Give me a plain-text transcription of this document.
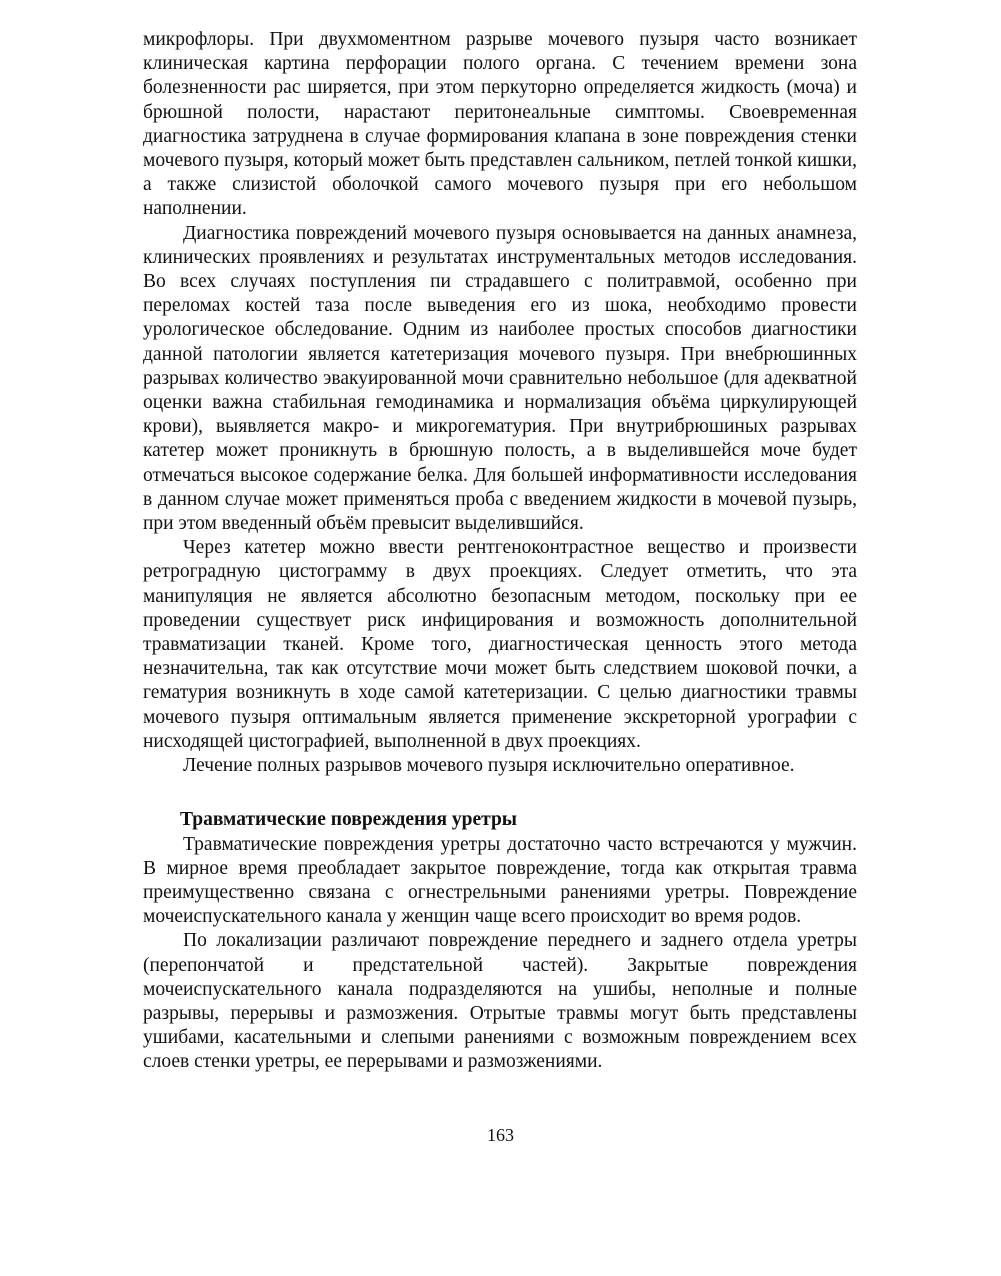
микрофлоры. При двухмоментном разрыве мочевого пузыря часто возникает клиническая картина перфорации полого органа. С течением времени зона болезненности рас ширяется, при этом перкуторно определяется жидкость (моча) и брюшной полости, нарастают перитонеальные симптомы. Своевременная диагностика затруднена в случае формирования клапана в зоне повреждения стенки мочевого пузыря, который может быть представлен сальником, петлей тонкой кишки, а также слизистой оболочкой самого мочевого пузыря при его небольшом наполнении.

Диагностика повреждений мочевого пузыря основывается на данных анамнеза, клинических проявлениях и результатах инструментальных методов исследования. Во всех случаях поступления пи страдавшего с политравмой, особенно при переломах костей таза после выведения его из шока, необходимо провести урологическое обследование. Одним из наиболее простых способов диагностики данной патологии является катетеризация мочевого пузыря. При внебрюшинных разрывах количество эвакуированной мочи сравнительно небольшое (для адекватной оценки важна стабильная гемодинамика и нормализация объёма циркулирующей крови), выявляется макро- и микрогематурия. При внутрибрюшиных разрывах катетер может проникнуть в брюшную полость, а в выделившейся моче будет отмечаться высокое содержание белка. Для большей информативности исследования в данном случае может применяться проба с введением жидкости в мочевой пузырь, при этом введенный объём превысит выделившийся.

Через катетер можно ввести рентгеноконтрастное вещество и произвести ретроградную цистограмму в двух проекциях. Следует отметить, что эта манипуляция не является абсолютно безопасным методом, поскольку при ее проведении существует риск инфицирования и возможность дополнительной травматизации тканей. Кроме того, диагностическая ценность этого метода незначительна, так как отсутствие мочи может быть следствием шоковой почки, а гематурия возникнуть в ходе самой катетеризации. С целью диагностики травмы мочевого пузыря оптимальным является применение экскреторной урографии с нисходящей цистографией, выполненной в двух проекциях.

Лечение полных разрывов мочевого пузыря исключительно оперативное.

Травматические повреждения уретры

Травматические повреждения уретры достаточно часто встречаются у мужчин. В мирное время преобладает закрытое повреждение, тогда как открытая травма преимущественно связана с огнестрельными ранениями уретры. Повреждение мочеиспускательного канала у женщин чаще всего происходит во время родов.

По локализации различают повреждение переднего и заднего отдела уретры (перепончатой и предстательной частей). Закрытые повреждения мочеиспускательного канала подразделяются на ушибы, неполные и полные разрывы, перерывы и размозжения. Отрытые травмы могут быть представлены ушибами, касательными и слепыми ранениями с возможным повреждением всех слоев стенки уретры, ее перерывами и размозжениями.

163
